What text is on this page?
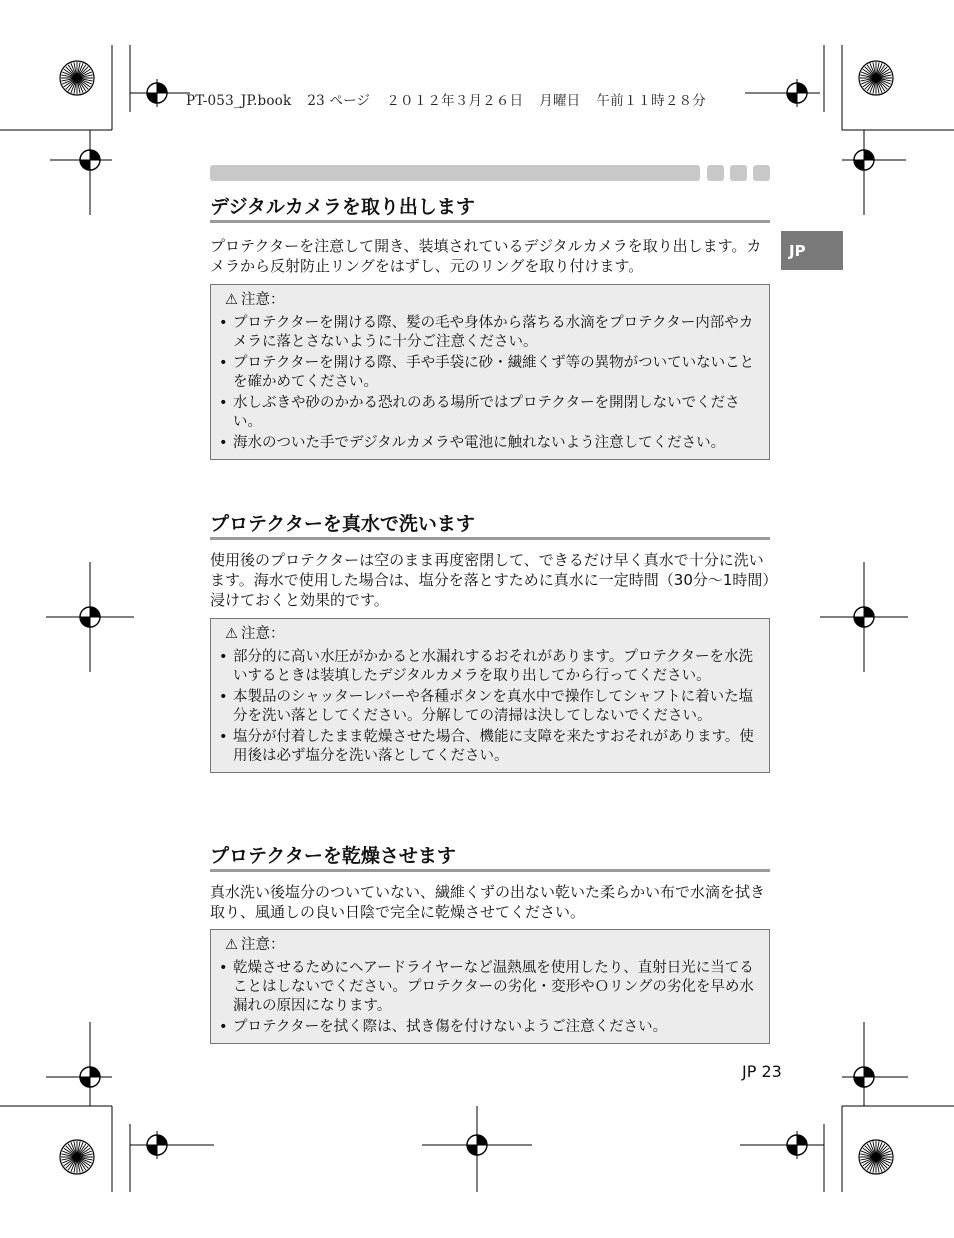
PT-053_JP.book 23 ページ ２０１２年３月２６日 月曜日 午前１１時２８分
JP
デジタルカメラを取り出します

プロテクターを注意して開き、装填されているデジタルカメラを取り出します。カメラから反射防止リングをはずし、元のリングを取り付けます。

⚠ 注意：
• プロテクターを開ける際、髪の毛や身体から落ちる水滴をプロテクター内部やカメラに落とさないように十分ご注意ください。
• プロテクターを開ける際、手や手袋に砂・繊維くず等の異物がついていないことを確かめてください。
• 水しぶきや砂のかかる恐れのある場所ではプロテクターを開閉しないでください。
• 海水のついた手でデジタルカメラや電池に触れないよう注意してください。
プロテクターを真水で洗います

使用後のプロテクターは空のまま再度密閉して、できるだけ早く真水で十分に洗います。海水で使用した場合は、塩分を落とすために真水に一定時間（30分～1時間）浸けておくと効果的です。

⚠ 注意：
• 部分的に高い水圧がかかると水漏れするおそれがあります。プロテクターを水洗いするときは装填したデジタルカメラを取り出してから行ってください。
• 本製品のシャッターレバーや各種ボタンを真水中で操作してシャフトに着いた塩分を洗い落としてください。分解しての清掃は決してしないでください。
• 塩分が付着したまま乾燥させた場合、機能に支障を来たすおそれがあります。使用後は必ず塩分を洗い落としてください。
プロテクターを乾燥させます

真水洗い後塩分のついていない、繊維くずの出ない乾いた柔らかい布で水滴を拭き取り、風通しの良い日陰で完全に乾燥させてください。

⚠ 注意：
• 乾燥させるためにヘアードライヤーなど温熱風を使用したり、直射日光に当てることはしないでください。プロテクターの劣化・変形やＯリングの劣化を早め水漏れの原因になります。
• プロテクターを拭く際は、拭き傷を付けないようご注意ください。
JP 23
